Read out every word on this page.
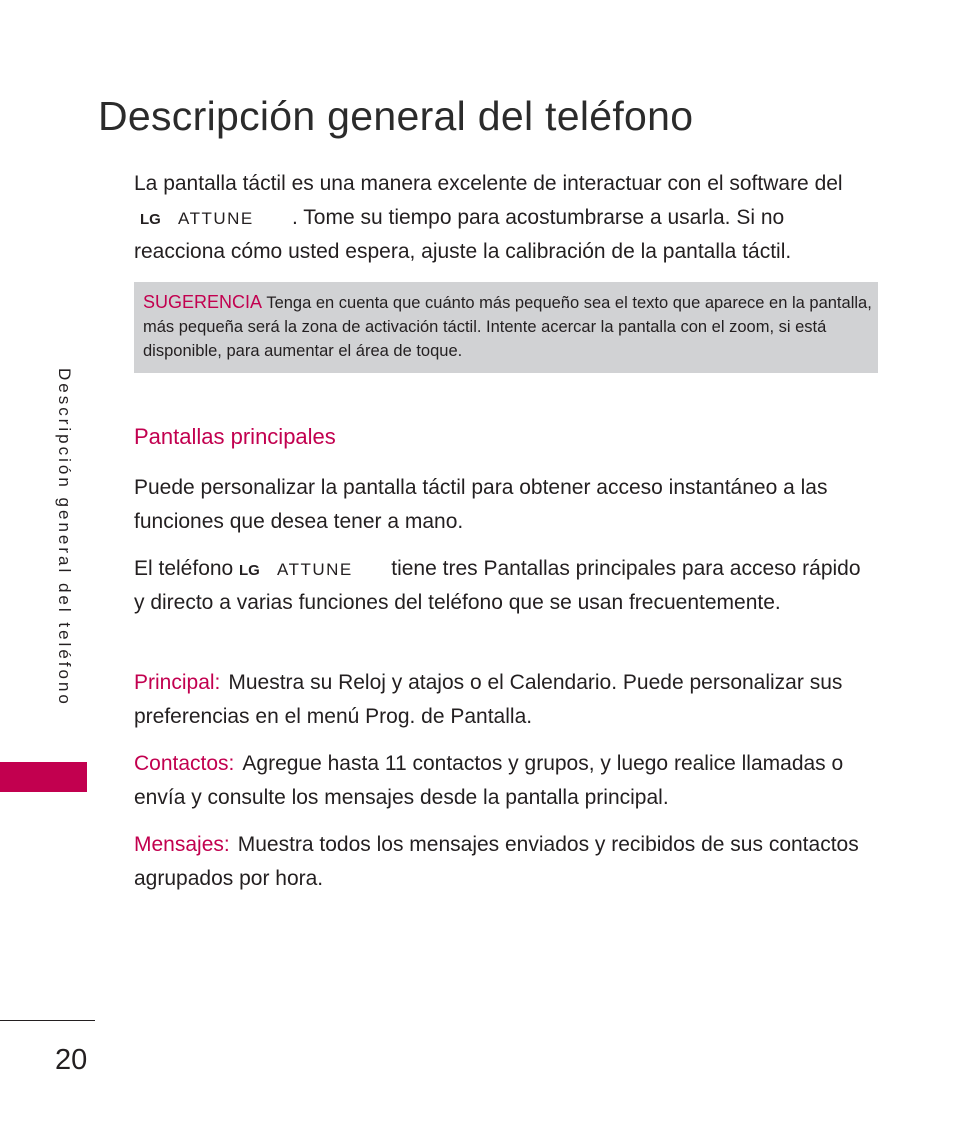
Descripción general del teléfono
Descripción general del teléfono

La pantalla táctil es una manera excelente de interactuar con el software del
LG ATTUNE . Tome su tiempo para acostumbrarse a usarla. Si no reacciona cómo usted espera, ajuste la calibración de la pantalla táctil.

SUGERENCIA Tenga en cuenta que cuánto más pequeño sea el texto que aparece en la pantalla, más pequeña será la zona de activación táctil. Intente acercar la pantalla con el zoom, si está disponible, para aumentar el área de toque.
Pantallas principales

Puede personalizar la pantalla táctil para obtener acceso instantáneo a las funciones que desea tener a mano.

El teléfono LG ATTUNE tiene tres Pantallas principales para acceso rápido y directo a varias funciones del teléfono que se usan frecuentemente.

Principal: Muestra su Reloj y atajos o el Calendario. Puede personalizar sus preferencias en el menú Prog. de Pantalla.

Contactos: Agregue hasta 11 contactos y grupos, y luego realice llamadas o envía y consulte los mensajes desde la pantalla principal.

Mensajes: Muestra todos los mensajes enviados y recibidos de sus contactos agrupados por hora.

20
